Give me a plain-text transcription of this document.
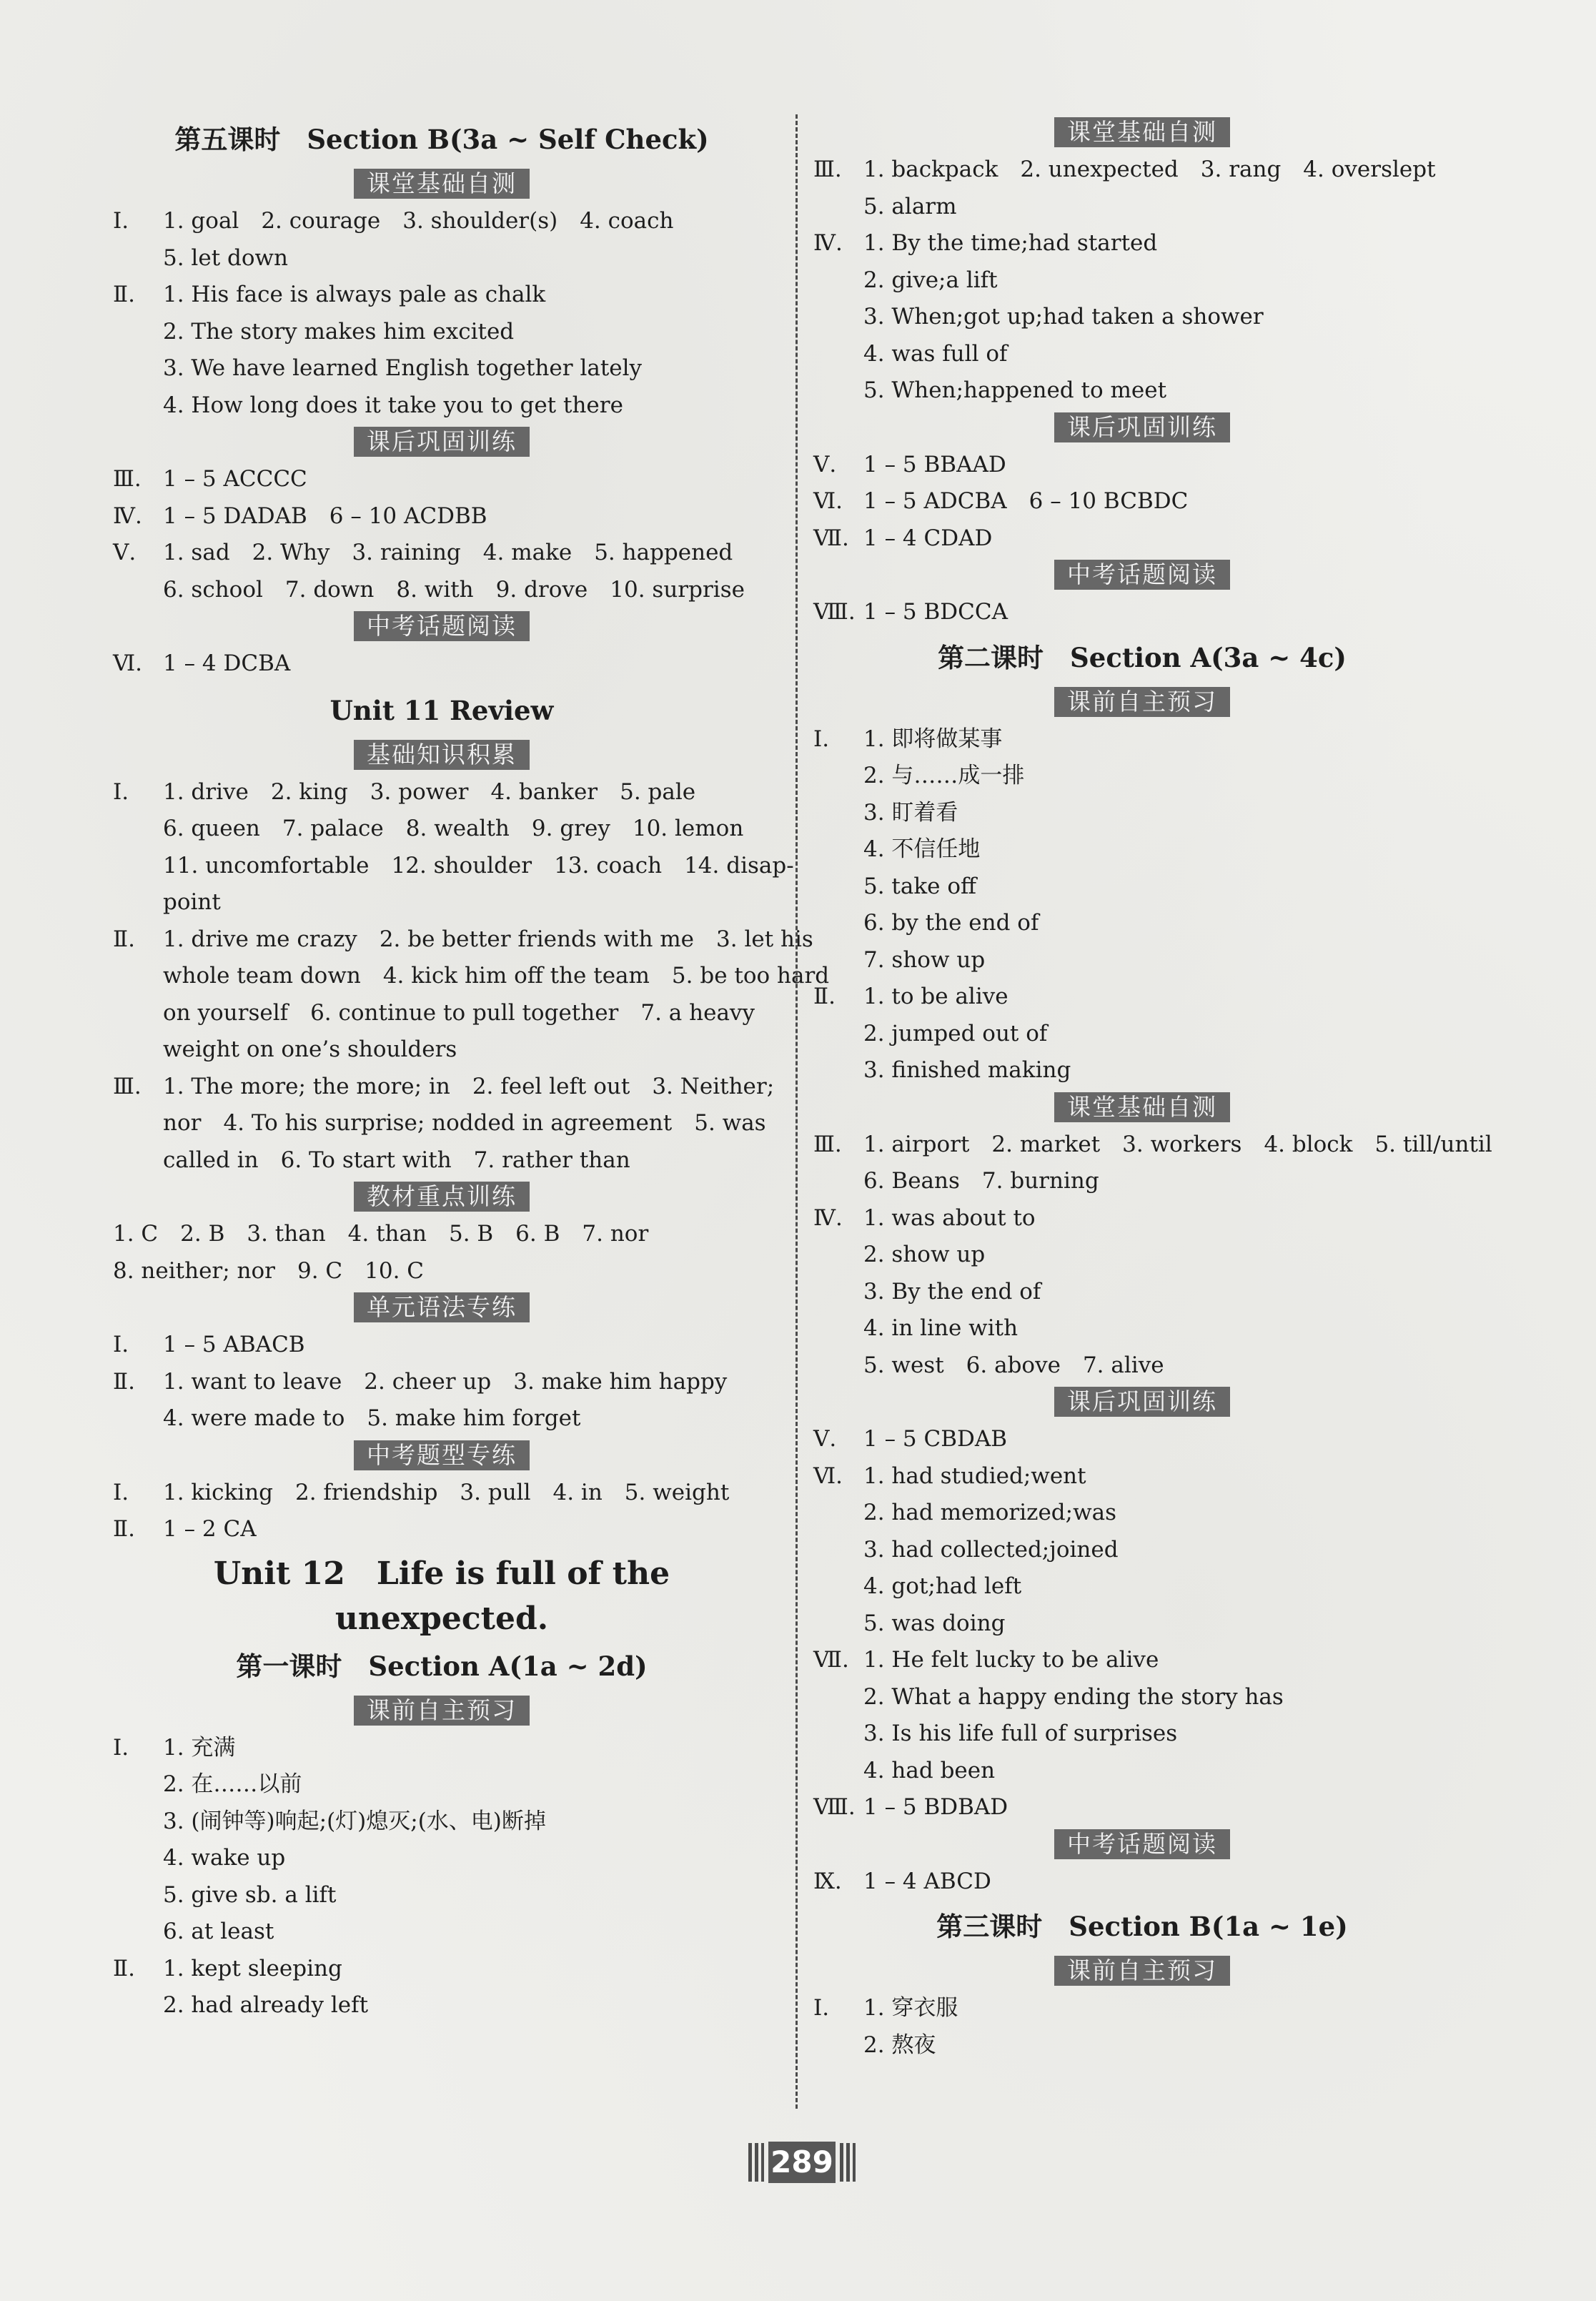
第五课时　Section B(3a ~ Self Check)
课堂基础自测
Ⅰ. 1. goal　2. courage　3. shoulder(s)　4. coach
5. let down
Ⅱ. 1. His face is always pale as chalk
2. The story makes him excited
3. We have learned English together lately
4. How long does it take you to get there
课后巩固训练
Ⅲ. 1 – 5 ACCCC
Ⅳ. 1 – 5 DADAB　6 – 10 ACDBB
Ⅴ. 1. sad　2. Why　3. raining　4. make　5. happened
6. school　7. down　8. with　9. drove　10. surprise
中考话题阅读
Ⅵ. 1 – 4 DCBA
Unit 11 Review
基础知识积累
Ⅰ. 1. drive　2. king　3. power　4. banker　5. pale
6. queen　7. palace　8. wealth　9. grey　10. lemon
11. uncomfortable　12. shoulder　13. coach　14. disap-
point
Ⅱ. 1. drive me crazy　2. be better friends with me　3. let his
whole team down　4. kick him off the team　5. be too hard
on yourself　6. continue to pull together　7. a heavy
weight on one’s shoulders
Ⅲ. 1. The more; the more; in　2. feel left out　3. Neither;
nor　4. To his surprise; nodded in agreement　5. was
called in　6. To start with　7. rather than
教材重点训练
1. C　2. B　3. than　4. than　5. B　6. B　7. nor
8. neither; nor　9. C　10. C
单元语法专练
Ⅰ. 1 – 5 ABACB
Ⅱ. 1. want to leave　2. cheer up　3. make him happy
4. were made to　5. make him forget
中考题型专练
Ⅰ. 1. kicking　2. friendship　3. pull　4. in　5. weight
Ⅱ. 1 – 2 CA
Unit 12　Life is full of the
unexpected.
第一课时　Section A(1a ~ 2d)
课前自主预习
Ⅰ. 1. 充满
2. 在……以前
3. (闹钟等)响起;(灯)熄灭;(水、电)断掉
4. wake up
5. give sb. a lift
6. at least
Ⅱ. 1. kept sleeping
2. had already left
课堂基础自测
Ⅲ. 1. backpack　2. unexpected　3. rang　4. overslept
5. alarm
Ⅳ. 1. By the time;had started
2. give;a lift
3. When;got up;had taken a shower
4. was full of
5. When;happened to meet
课后巩固训练
Ⅴ. 1 – 5 BBAAD
Ⅵ. 1 – 5 ADCBA　6 – 10 BCBDC
Ⅶ. 1 – 4 CDAD
中考话题阅读
Ⅷ. 1 – 5 BDCCA
第二课时　Section A(3a ~ 4c)
课前自主预习
Ⅰ. 1. 即将做某事
2. 与……成一排
3. 盯着看
4. 不信任地
5. take off
6. by the end of
7. show up
Ⅱ. 1. to be alive
2. jumped out of
3. finished making
课堂基础自测
Ⅲ. 1. airport　2. market　3. workers　4. block　5. till/until
6. Beans　7. burning
Ⅳ. 1. was about to
2. show up
3. By the end of
4. in line with
5. west　6. above　7. alive
课后巩固训练
Ⅴ. 1 – 5 CBDAB
Ⅵ. 1. had studied;went
2. had memorized;was
3. had collected;joined
4. got;had left
5. was doing
Ⅶ. 1. He felt lucky to be alive
2. What a happy ending the story has
3. Is his life full of surprises
4. had been
Ⅷ. 1 – 5 BDBAD
中考话题阅读
Ⅸ. 1 – 4 ABCD
第三课时　Section B(1a ~ 1e)
课前自主预习
Ⅰ. 1. 穿衣服
2. 熬夜
289
